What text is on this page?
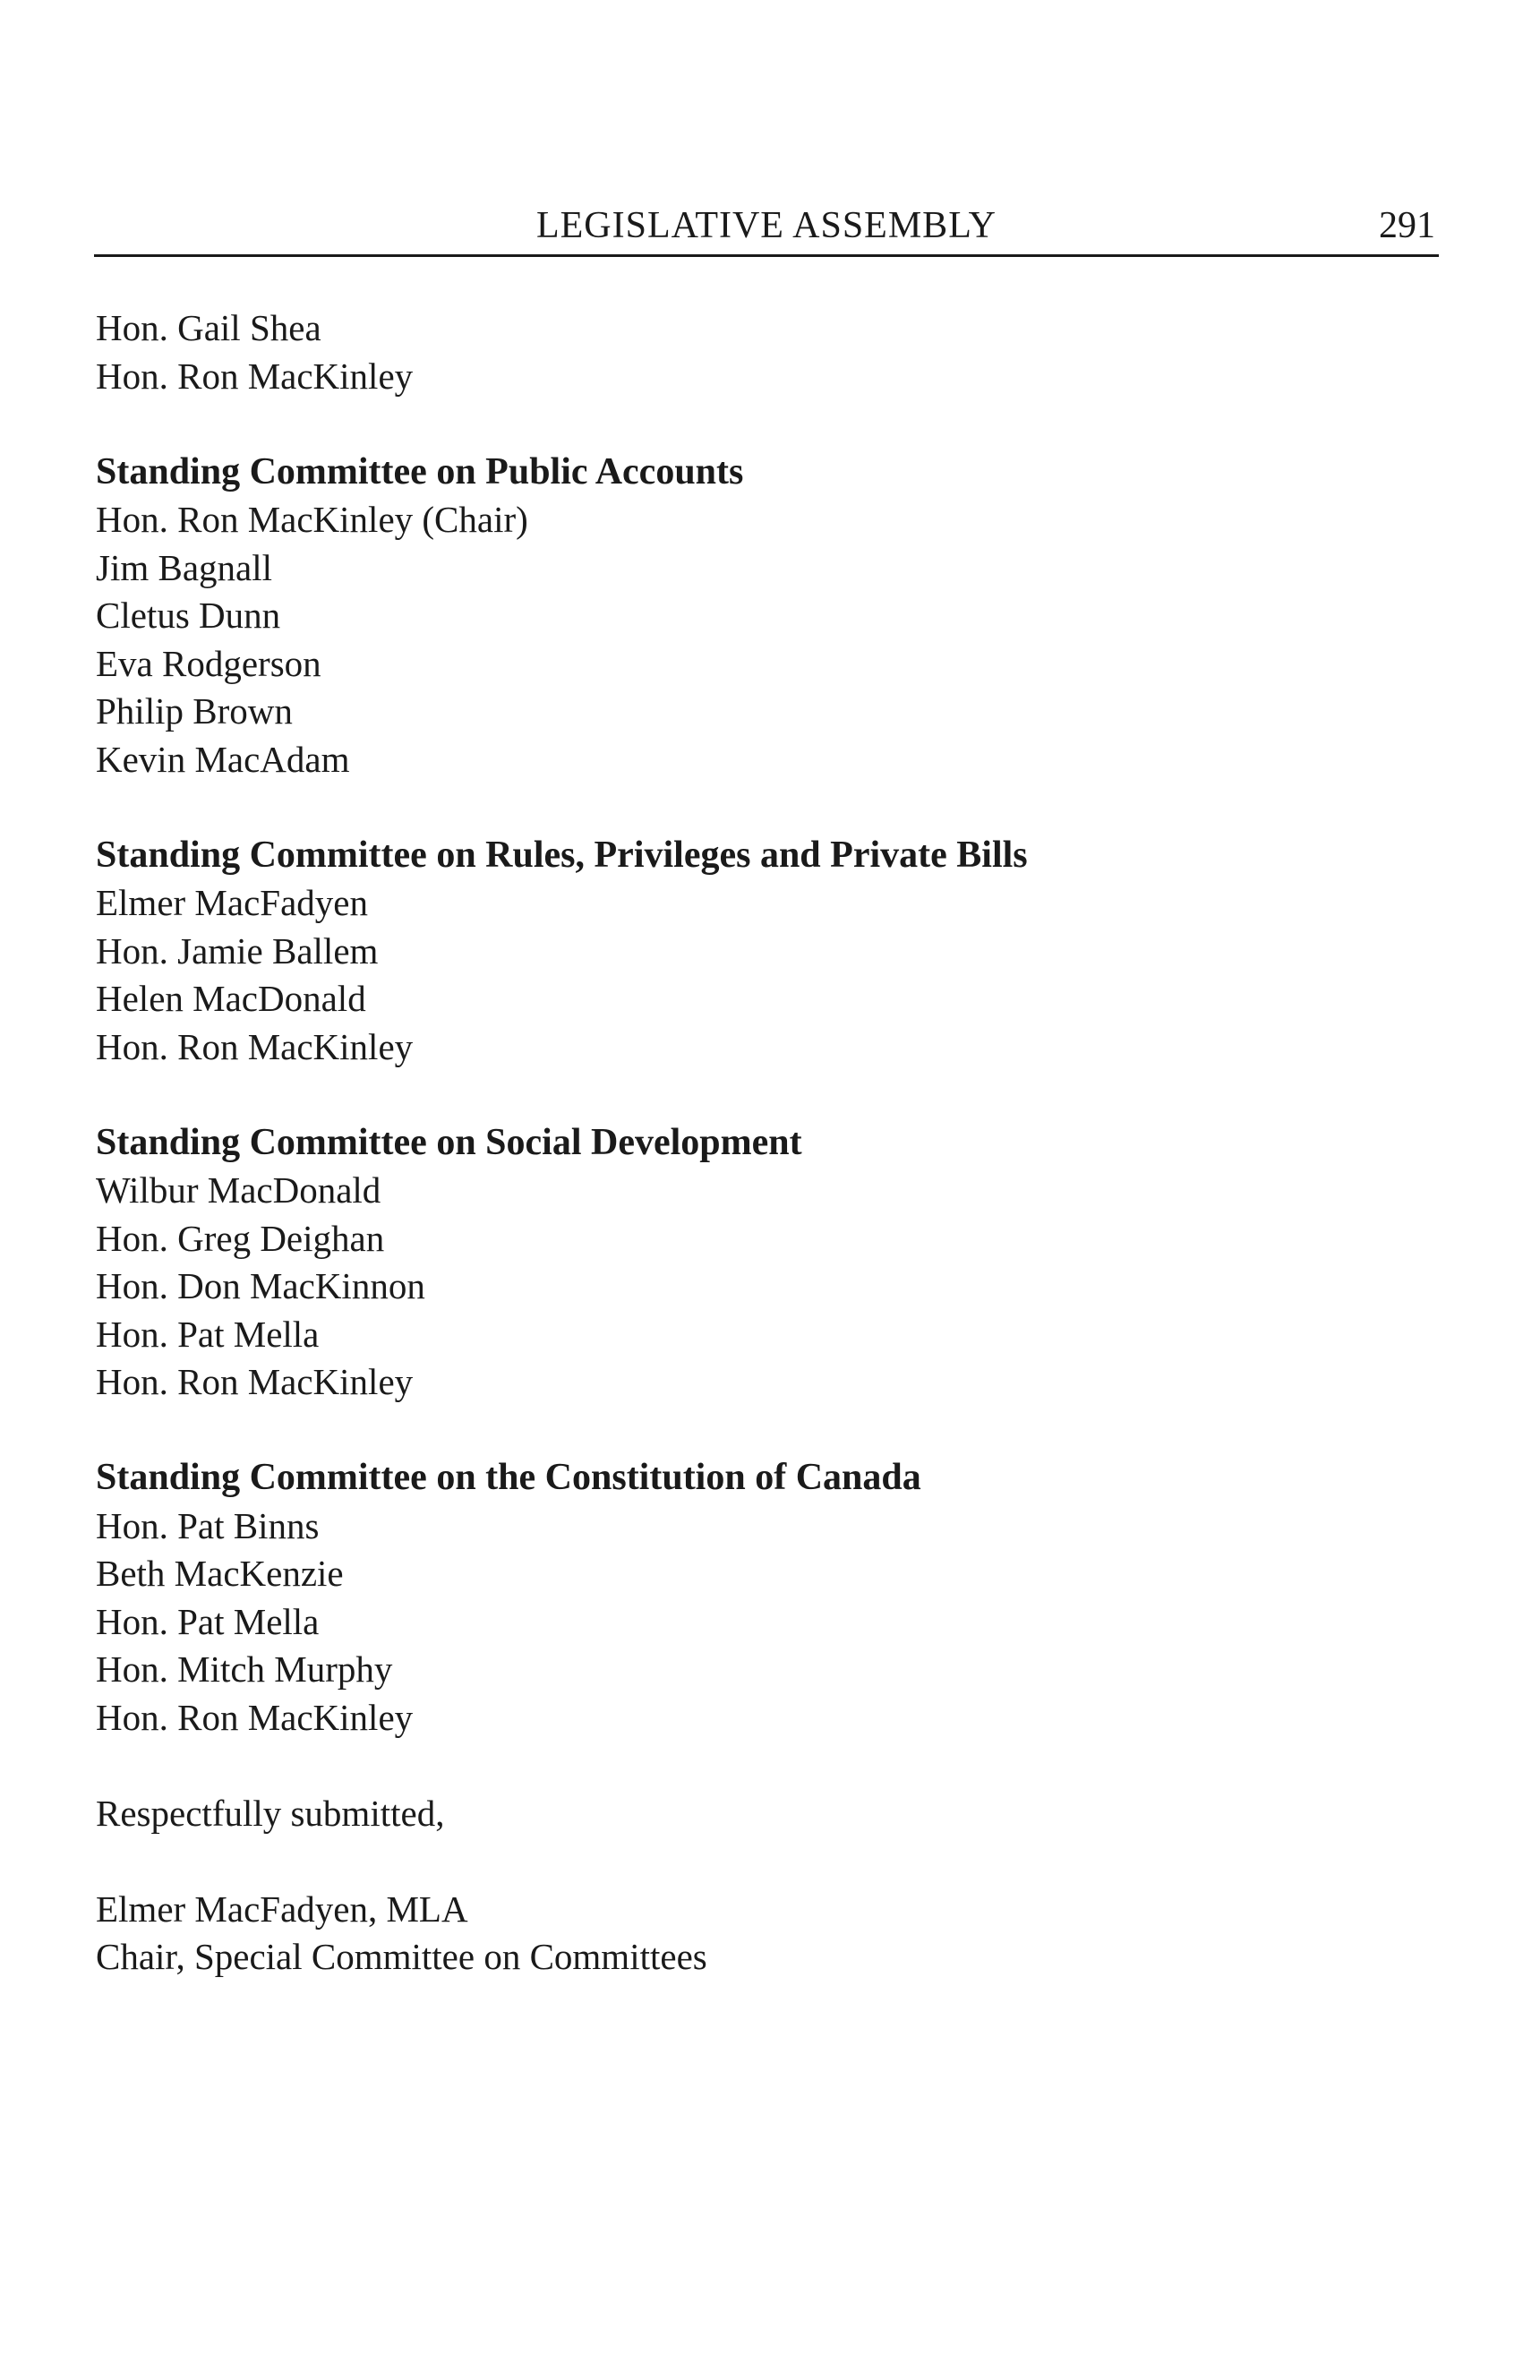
LEGISLATIVE ASSEMBLY	291
Hon. Gail Shea
Hon. Ron MacKinley
Standing Committee on Public Accounts
Hon. Ron MacKinley (Chair)
Jim Bagnall
Cletus Dunn
Eva Rodgerson
Philip Brown
Kevin MacAdam
Standing Committee on Rules, Privileges and Private Bills
Elmer MacFadyen
Hon. Jamie Ballem
Helen MacDonald
Hon. Ron MacKinley
Standing Committee on Social Development
Wilbur MacDonald
Hon. Greg Deighan
Hon. Don MacKinnon
Hon. Pat Mella
Hon. Ron MacKinley
Standing Committee on the Constitution of Canada
Hon. Pat Binns
Beth MacKenzie
Hon. Pat Mella
Hon. Mitch Murphy
Hon. Ron MacKinley
Respectfully submitted,
Elmer MacFadyen, MLA
Chair, Special Committee on Committees
